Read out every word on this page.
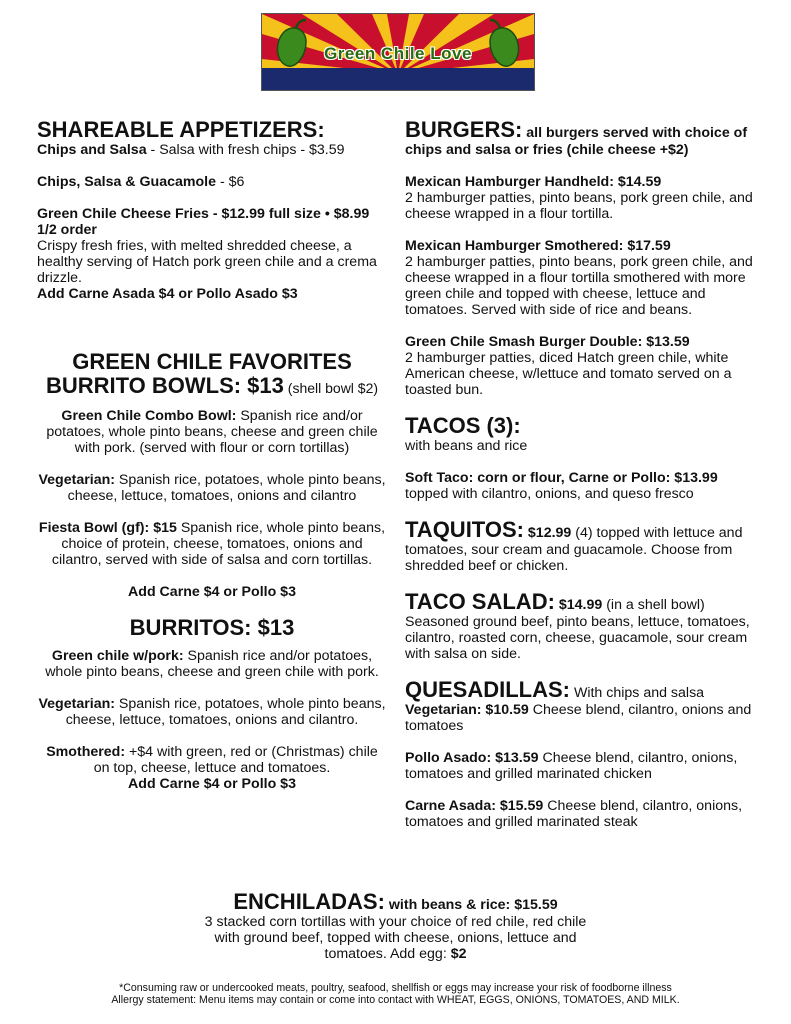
Green Chile Love
SHAREABLE APPETIZERS:

Chips and Salsa - Salsa with fresh chips - $3.59

Chips, Salsa & Guacamole - $6

Green Chile Cheese Fries - $12.99 full size • $8.99 1/2 order
Crispy fresh fries, with melted shredded cheese, a healthy serving of Hatch pork green chile and a crema drizzle.

Add Carne Asada $4 or Pollo Asado $3

GREEN CHILE FAVORITES
BURRITO BOWLS: $13 (shell bowl $2)

Green Chile Combo Bowl: Spanish rice and/or potatoes, whole pinto beans, cheese and green chile with pork. (served with flour or corn tortillas)

Vegetarian: Spanish rice, potatoes, whole pinto beans, cheese, lettuce, tomatoes, onions and cilantro

Fiesta Bowl (gf): $15 Spanish rice, whole pinto beans, choice of protein, cheese, tomatoes, onions and cilantro, served with side of salsa and corn tortillas.

Add Carne $4 or Pollo $3

BURRITOS: $13

Green chile w/pork: Spanish rice and/or potatoes, whole pinto beans, cheese and green chile with pork.

Vegetarian: Spanish rice, potatoes, whole pinto beans, cheese, lettuce, tomatoes, onions and cilantro.

Smothered: +$4 with green, red or (Christmas) chile on top, cheese, lettuce and tomatoes.

Add Carne $4 or Pollo $3

BURGERS: all burgers served with choice of chips and salsa or fries (chile cheese +$2)

Mexican Hamburger Handheld: $14.59
2 hamburger patties, pinto beans, pork green chile, and cheese wrapped in a flour tortilla.

Mexican Hamburger Smothered: $17.59
2 hamburger patties, pinto beans, pork green chile, and cheese wrapped in a flour tortilla smothered with more green chile and topped with cheese, lettuce and tomatoes. Served with side of rice and beans.

Green Chile Smash Burger Double: $13.59
2 hamburger patties, diced Hatch green chile, white American cheese, w/lettuce and tomato served on a toasted bun.

TACOS (3):

with beans and rice

Soft Taco: corn or flour, Carne or Pollo: $13.99
topped with cilantro, onions, and queso fresco

TAQUITOS: $12.99 (4) topped with lettuce and tomatoes, sour cream and guacamole. Choose from shredded beef or chicken.

TACO SALAD: $14.99 (in a shell bowl)
Seasoned ground beef, pinto beans, lettuce, tomatoes, cilantro, roasted corn, cheese, guacamole, sour cream with salsa on side.

QUESADILLAS: With chips and salsa

Vegetarian: $10.59 Cheese blend, cilantro, onions and tomatoes

Pollo Asado: $13.59 Cheese blend, cilantro, onions, tomatoes and grilled marinated chicken

Carne Asada: $15.59 Cheese blend, cilantro, onions, tomatoes and grilled marinated steak

ENCHILADAS: with beans & rice: $15.59

3 stacked corn tortillas with your choice of red chile, red chile with ground beef, topped with cheese, onions, lettuce and tomatoes. Add egg: $2

*Consuming raw or undercooked meats, poultry, seafood, shellfish or eggs may increase your risk of foodborne illness

Allergy statement: Menu items may contain or come into contact with WHEAT, EGGS, ONIONS, TOMATOES, AND MILK.
